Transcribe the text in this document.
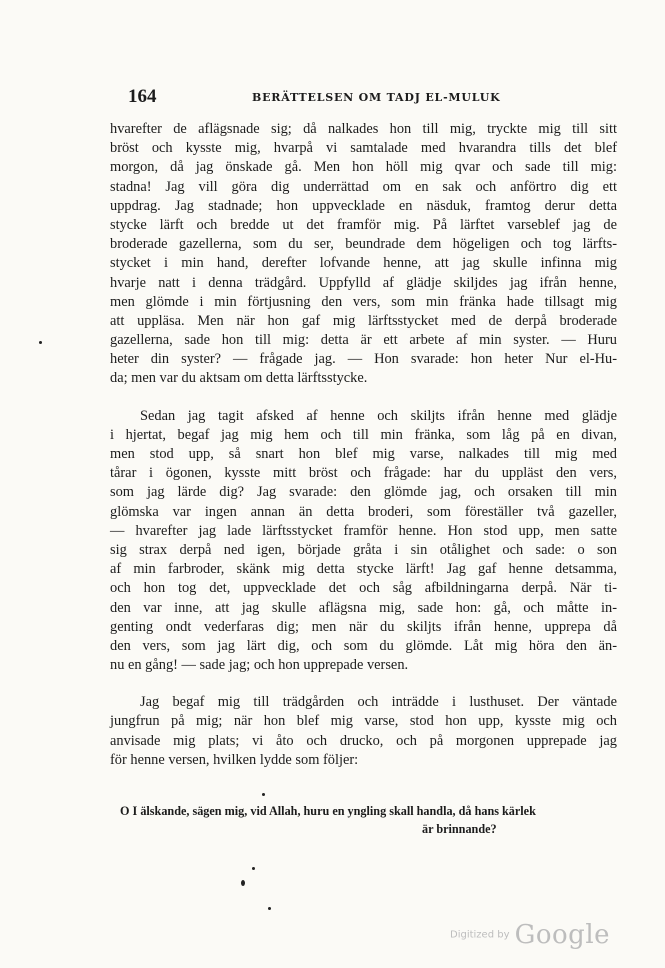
164	BERÄTTELSEN OM TADJ EL-MULUK
hvarefter de aflägsnade sig; då nalkades hon till mig, tryckte mig till sitt
bröst och kysste mig, hvarpå vi samtalade med hvarandra tills det blef
morgon, då jag önskade gå. Men hon höll mig qvar och sade till mig:
stadna! Jag vill göra dig underrättad om en sak och anförtro dig ett
uppdrag. Jag stadnade; hon uppvecklade en näsduk, framtog derur detta
stycke lärft och bredde ut det framför mig. På lärftet varseblef jag de
broderade gazellerna, som du ser, beundrade dem högeligen och tog lärfts-
stycket i min hand, derefter lofvande henne, att jag skulle infinna mig
hvarje natt i denna trädgård. Uppfylld af glädje skiljdes jag ifrån henne,
men glömde i min förtjusning den vers, som min fränka hade tillsagt mig
att uppläsa. Men när hon gaf mig lärftsstycket med de derpå broderade
gazellerna, sade hon till mig: detta är ett arbete af min syster. — Huru
heter din syster? — frågade jag. — Hon svarade: hon heter Nur el-Hu-
da; men var du aktsam om detta lärftsstycke.
Sedan jag tagit afsked af henne och skiljts ifrån henne med glädje
i hjertat, begaf jag mig hem och till min fränka, som låg på en divan,
men stod upp, så snart hon blef mig varse, nalkades till mig med
tårar i ögonen, kysste mitt bröst och frågade: har du uppläst den vers,
som jag lärde dig? Jag svarade: den glömde jag, och orsaken till min
glömska var ingen annan än detta broderi, som föreställer två gazeller,
— hvarefter jag lade lärftsstycket framför henne. Hon stod upp, men satte
sig strax derpå ned igen, började gråta i sin otålighet och sade: o son
af min farbroder, skänk mig detta stycke lärft! Jag gaf henne detsamma,
och hon tog det, uppvecklade det och såg afbildningarna derpå. När ti-
den var inne, att jag skulle aflägsna mig, sade hon: gå, och måtte in-
genting ondt vederfaras dig; men när du skiljts ifrån henne, upprepa då
den vers, som jag lärt dig, och som du glömde. Låt mig höra den än-
nu en gång! — sade jag; och hon upprepade versen.
Jag begaf mig till trädgården och inträdde i lusthuset. Der väntade
jungfrun på mig; när hon blef mig varse, stod hon upp, kysste mig och
anvisade mig plats; vi åto och drucko, och på morgonen upprepade jag
för henne versen, hvilken lydde som följer:
O I älskande, sägen mig, vid Allah, huru en yngling skall handla, då hans kärlek
är brinnande?
Digitized by Google
